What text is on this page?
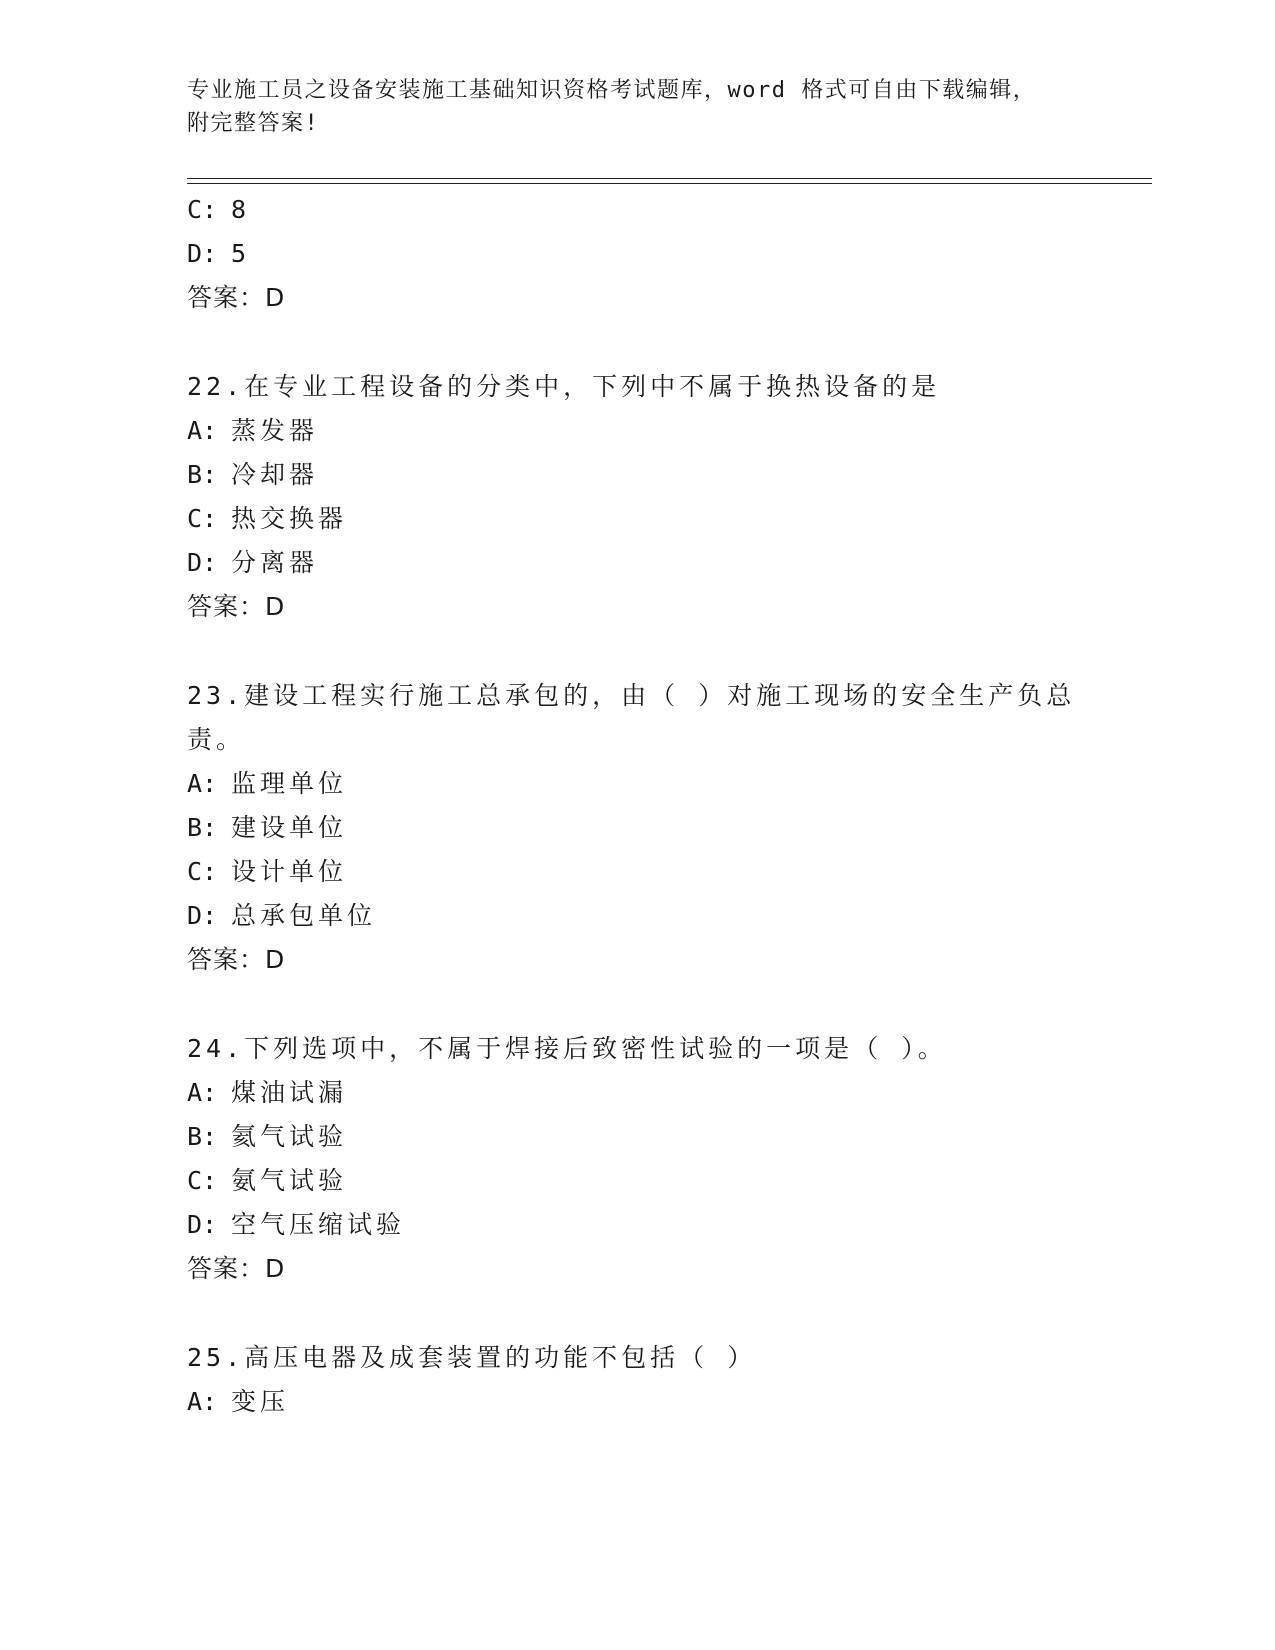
专业施工员之设备安装施工基础知识资格考试题库，word 格式可自由下载编辑，
附完整答案!
C: 8
D: 5
答案：D
22.在专业工程设备的分类中，下列中不属于换热设备的是
A: 蒸发器
B: 冷却器
C: 热交换器
D: 分离器
答案：D
23.建设工程实行施工总承包的，由（ ）对施工现场的安全生产负总
责。
A: 监理单位
B: 建设单位
C: 设计单位
D: 总承包单位
答案：D
24.下列选项中，不属于焊接后致密性试验的一项是（ ）。
A: 煤油试漏
B: 氦气试验
C: 氨气试验
D: 空气压缩试验
答案：D
25.高压电器及成套装置的功能不包括（ ）
A: 变压
